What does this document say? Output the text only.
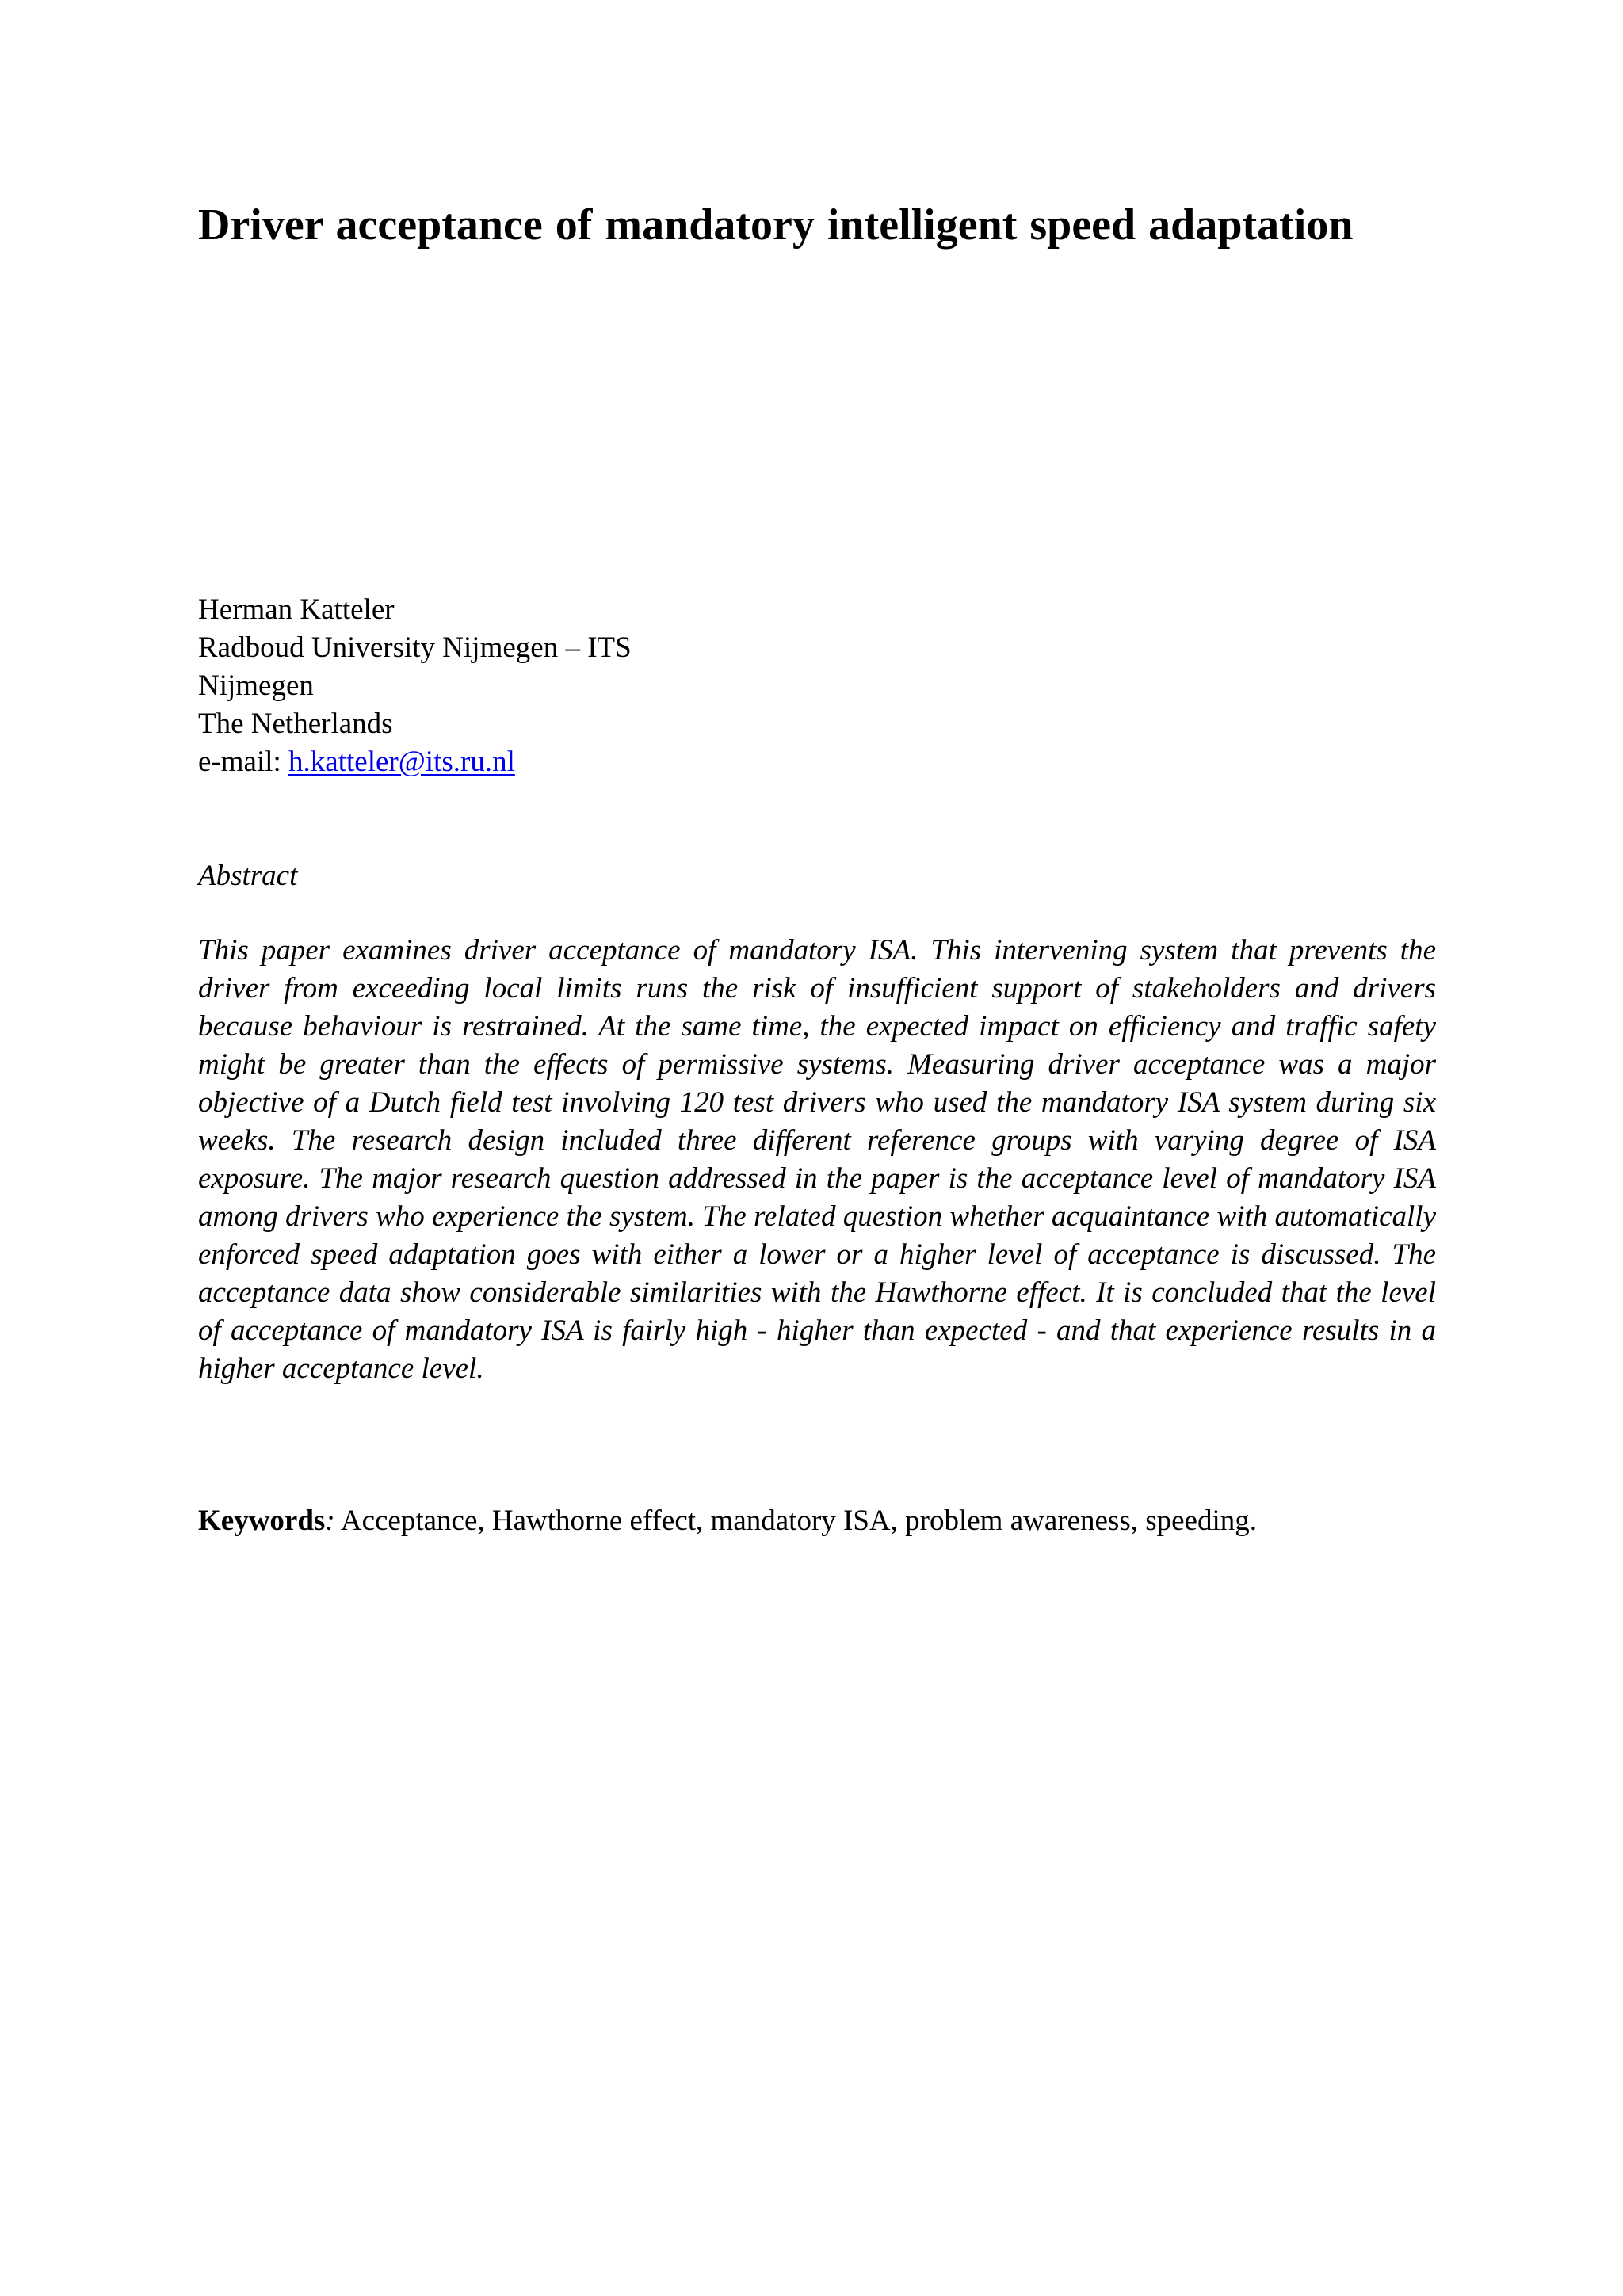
Driver acceptance of mandatory intelligent speed adaptation
Herman Katteler
Radboud University Nijmegen – ITS
Nijmegen
The Netherlands
e-mail: h.katteler@its.ru.nl
Abstract

This paper examines driver acceptance of mandatory ISA. This intervening system that prevents the driver from exceeding local limits runs the risk of insufficient support of stakeholders and drivers because behaviour is restrained. At the same time, the expected impact on efficiency and traffic safety might be greater than the effects of permissive systems. Measuring driver acceptance was a major objective of a Dutch field test involving 120 test drivers who used the mandatory ISA system during six weeks. The research design included three different reference groups with varying degree of ISA exposure. The major research question addressed in the paper is the acceptance level of mandatory ISA among drivers who experience the system. The related question whether acquaintance with automatically enforced speed adaptation goes with either a lower or a higher level of acceptance is discussed. The acceptance data show considerable similarities with the Hawthorne effect. It is concluded that the level of acceptance of mandatory ISA is fairly high - higher than expected - and that experience results in a higher acceptance level.

Keywords: Acceptance, Hawthorne effect, mandatory ISA, problem awareness, speeding.
